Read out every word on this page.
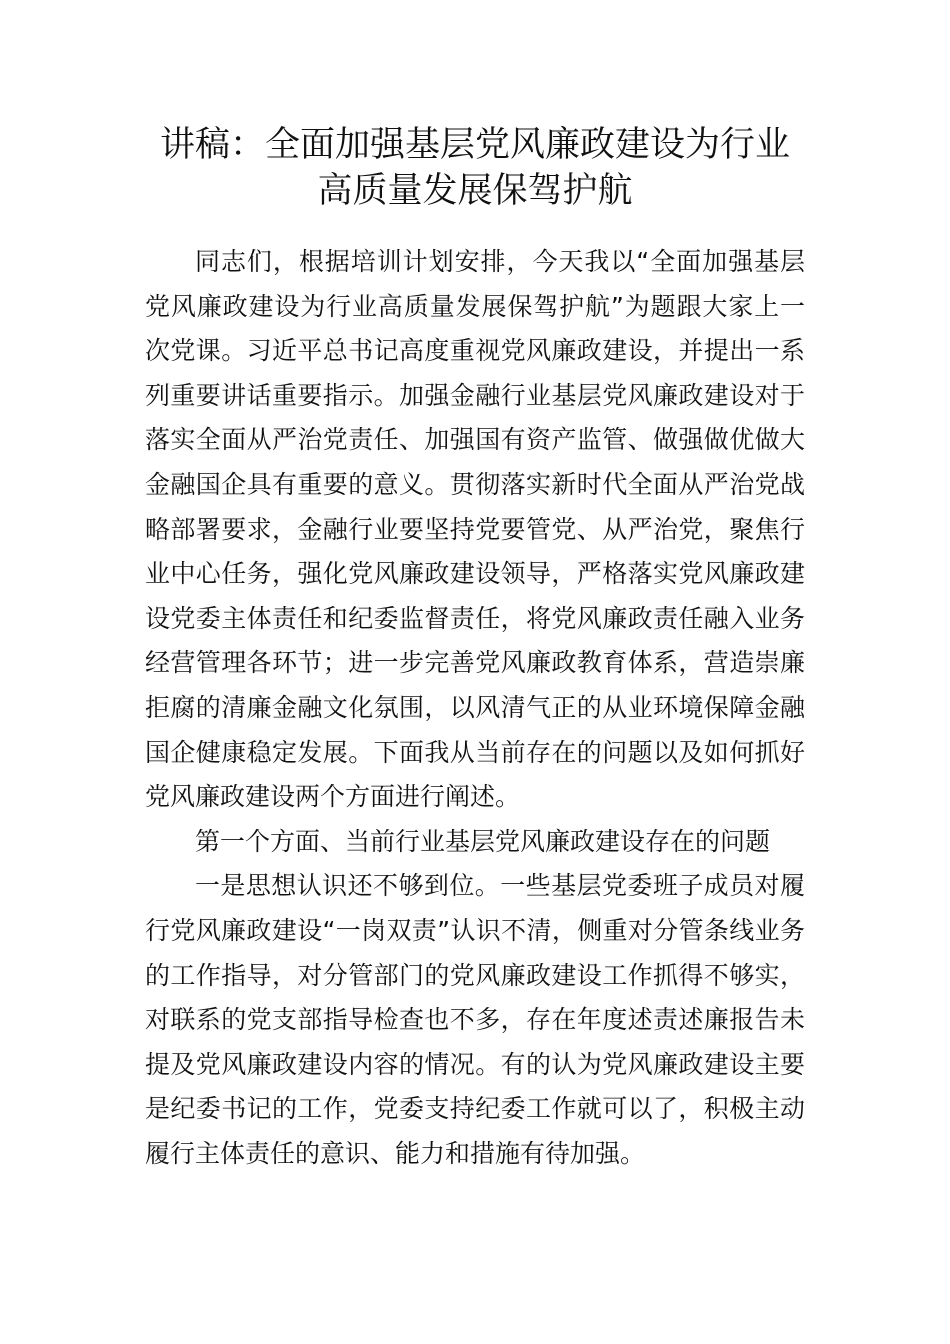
讲稿：全面加强基层党风廉政建设为行业
高质量发展保驾护航

同志们，根据培训计划安排，今天我以“全面加强基层党风廉政建设为行业高质量发展保驾护航”为题跟大家上一次党课。习近平总书记高度重视党风廉政建设，并提出一系列重要讲话重要指示。加强金融行业基层党风廉政建设对于落实全面从严治党责任、加强国有资产监管、做强做优做大金融国企具有重要的意义。贯彻落实新时代全面从严治党战略部署要求，金融行业要坚持党要管党、从严治党，聚焦行业中心任务，强化党风廉政建设领导，严格落实党风廉政建设党委主体责任和纪委监督责任，将党风廉政责任融入业务经营管理各环节；进一步完善党风廉政教育体系，营造崇廉拒腐的清廉金融文化氛围，以风清气正的从业环境保障金融国企健康稳定发展。下面我从当前存在的问题以及如何抓好党风廉政建设两个方面进行阐述。

第一个方面、当前行业基层党风廉政建设存在的问题

一是思想认识还不够到位。一些基层党委班子成员对履行党风廉政建设“一岗双责”认识不清，侧重对分管条线业务的工作指导，对分管部门的党风廉政建设工作抓得不够实，对联系的党支部指导检查也不多，存在年度述责述廉报告未提及党风廉政建设内容的情况。有的认为党风廉政建设主要是纪委书记的工作，党委支持纪委工作就可以了，积极主动履行主体责任的意识、能力和措施有待加强。
